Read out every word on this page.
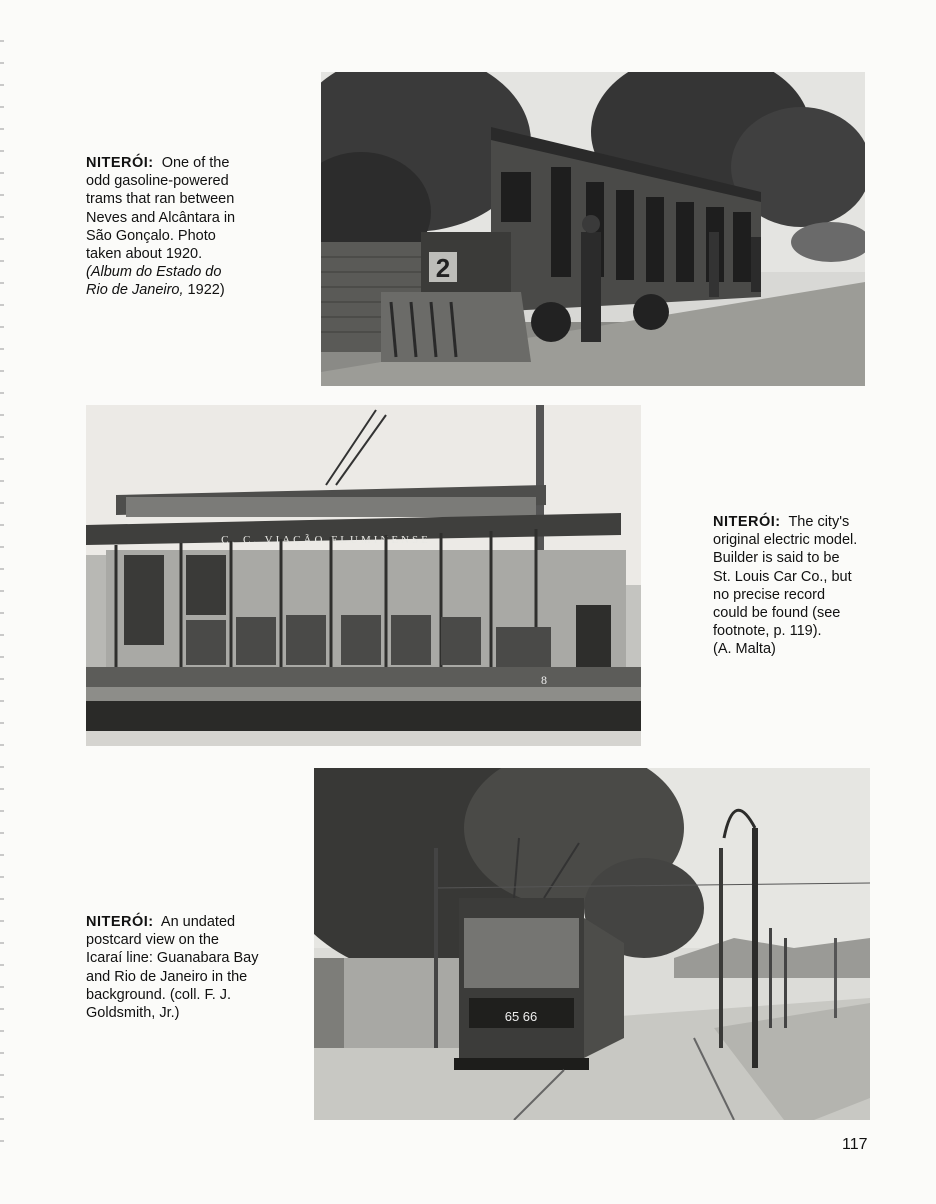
NITERÓI: One of the

odd gasoline-powered

trams that ran between

Neves and Alcântara in

São Gonçalo. Photo

taken about 1920.

(Album do Estado do

Rio de Janeiro, 1922)

2
C. C. VIAÇÃO FLUMINENSE
8

NITERÓI: The city's

original electric model.

Builder is said to be

St. Louis Car Co., but

no precise record

could be found (see

footnote, p. 119).

(A. Malta)

65 66

NITERÓI: An undated

postcard view on the

Icaraí line: Guanabara Bay

and Rio de Janeiro in the

background. (coll. F. J.

Goldsmith, Jr.)

117
